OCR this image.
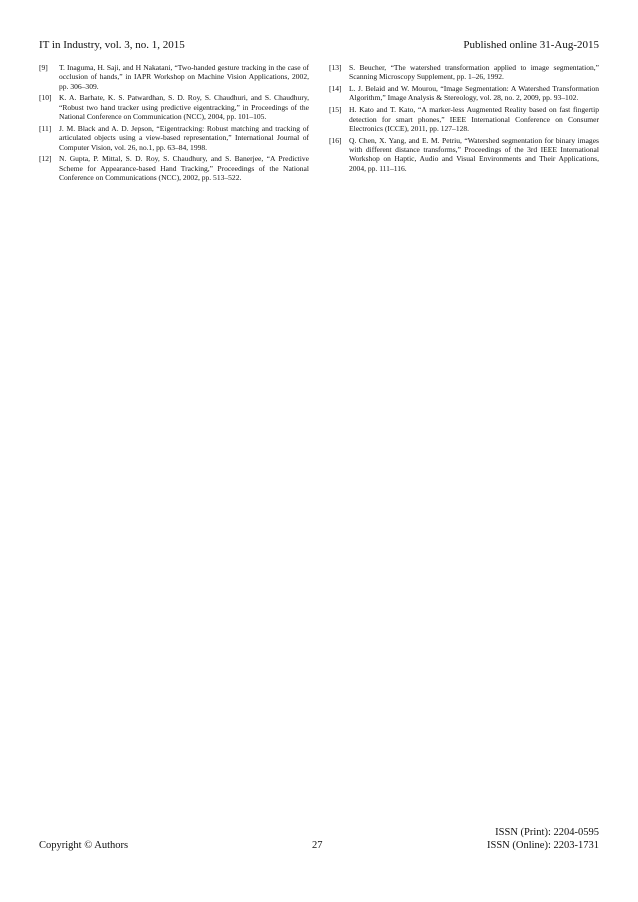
IT in Industry, vol. 3, no. 1, 2015	Published online 31-Aug-2015
[9] T. Inaguma, H. Saji, and H Nakatani, “Two-handed gesture tracking in the case of occlusion of hands,” in IAPR Workshop on Machine Vision Applications, 2002, pp. 306–309.
[10] K. A. Barhate, K. S. Patwardhan, S. D. Roy, S. Chaudhuri, and S. Chaudhury, “Robust two hand tracker using predictive eigentracking,” in Proceedings of the National Conference on Communication (NCC), 2004, pp. 101–105.
[11] J. M. Black and A. D. Jepson, “Eigentracking: Robust matching and tracking of articulated objects using a view-based representation,” International Journal of Computer Vision, vol. 26, no.1, pp. 63–84, 1998.
[12] N. Gupta, P. Mittal, S. D. Roy, S. Chaudhury, and S. Banerjee, “A Predictive Scheme for Appearance-based Hand Tracking,” Proceedings of the National Conference on Communications (NCC), 2002, pp. 513–522.
[13] S. Beucher, “The watershed transformation applied to image segmentation,” Scanning Microscopy Supplement, pp. 1–26, 1992.
[14] L. J. Belaid and W. Mourou, “Image Segmentation: A Watershed Transformation Algorithm,” Image Analysis & Stereology, vol. 28, no. 2, 2009, pp. 93–102.
[15] H. Kato and T. Kato, “A marker-less Augmented Reality based on fast fingertip detection for smart phones,” IEEE International Conference on Consumer Electronics (ICCE), 2011, pp. 127–128.
[16] Q. Chen, X. Yang, and E. M. Petriu, “Watershed segmentation for binary images with different distance transforms,” Proceedings of the 3rd IEEE International Workshop on Haptic, Audio and Visual Environments and Their Applications, 2004, pp. 111–116.
Copyright © Authors	27
ISSN (Print): 2204-0595
ISSN (Online): 2203-1731
